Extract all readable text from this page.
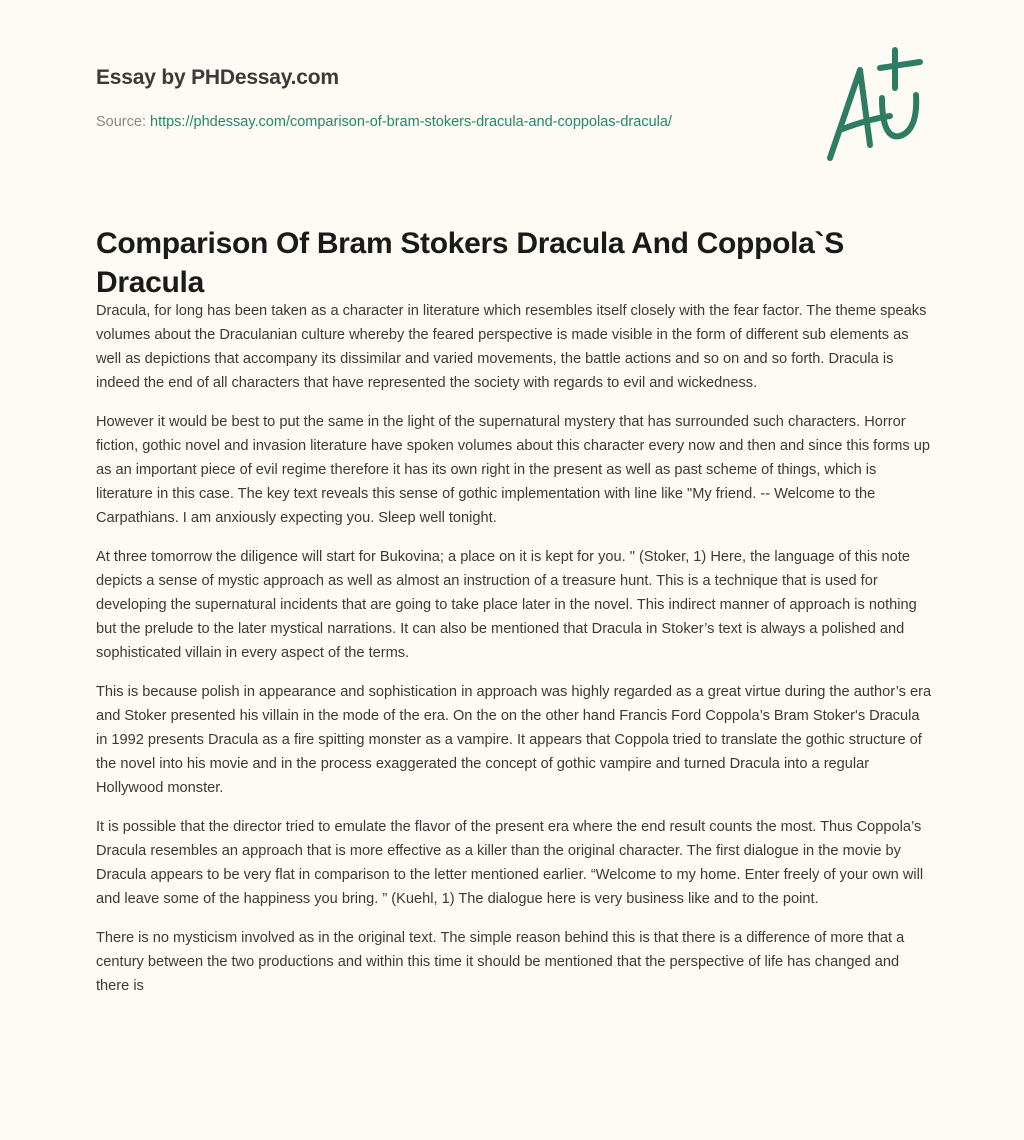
Essay by PHDessay.com
Source: https://phdessay.com/comparison-of-bram-stokers-dracula-and-coppolas-dracula/
Comparison Of Bram Stokers Dracula And Coppola`S Dracula

Dracula, for long has been taken as a character in literature which resembles itself closely with the fear factor. The theme speaks volumes about the Draculanian culture whereby the feared perspective is made visible in the form of different sub elements as well as depictions that accompany its dissimilar and varied movements, the battle actions and so on and so forth. Dracula is indeed the end of all characters that have represented the society with regards to evil and wickedness.

However it would be best to put the same in the light of the supernatural mystery that has surrounded such characters. Horror fiction, gothic novel and invasion literature have spoken volumes about this character every now and then and since this forms up as an important piece of evil regime therefore it has its own right in the present as well as past scheme of things, which is literature in this case. The key text reveals this sense of gothic implementation with line like "My friend. -- Welcome to the Carpathians. I am anxiously expecting you. Sleep well tonight.

At three tomorrow the diligence will start for Bukovina; a place on it is kept for you. " (Stoker, 1) Here, the language of this note depicts a sense of mystic approach as well as almost an instruction of a treasure hunt. This is a technique that is used for developing the supernatural incidents that are going to take place later in the novel. This indirect manner of approach is nothing but the prelude to the later mystical narrations. It can also be mentioned that Dracula in Stoker’s text is always a polished and sophisticated villain in every aspect of the terms.

This is because polish in appearance and sophistication in approach was highly regarded as a great virtue during the author’s era and Stoker presented his villain in the mode of the era. On the on the other hand Francis Ford Coppola’s Bram Stoker's Dracula in 1992 presents Dracula as a fire spitting monster as a vampire. It appears that Coppola tried to translate the gothic structure of the novel into his movie and in the process exaggerated the concept of gothic vampire and turned Dracula into a regular Hollywood monster.

It is possible that the director tried to emulate the flavor of the present era where the end result counts the most. Thus Coppola’s Dracula resembles an approach that is more effective as a killer than the original character. The first dialogue in the movie by Dracula appears to be very flat in comparison to the letter mentioned earlier. “Welcome to my home. Enter freely of your own will and leave some of the happiness you bring. ” (Kuehl, 1) The dialogue here is very business like and to the point.

There is no mysticism involved as in the original text. The simple reason behind this is that there is a difference of more that a century between the two productions and within this time it should be mentioned that the perspective of life has changed and there is
